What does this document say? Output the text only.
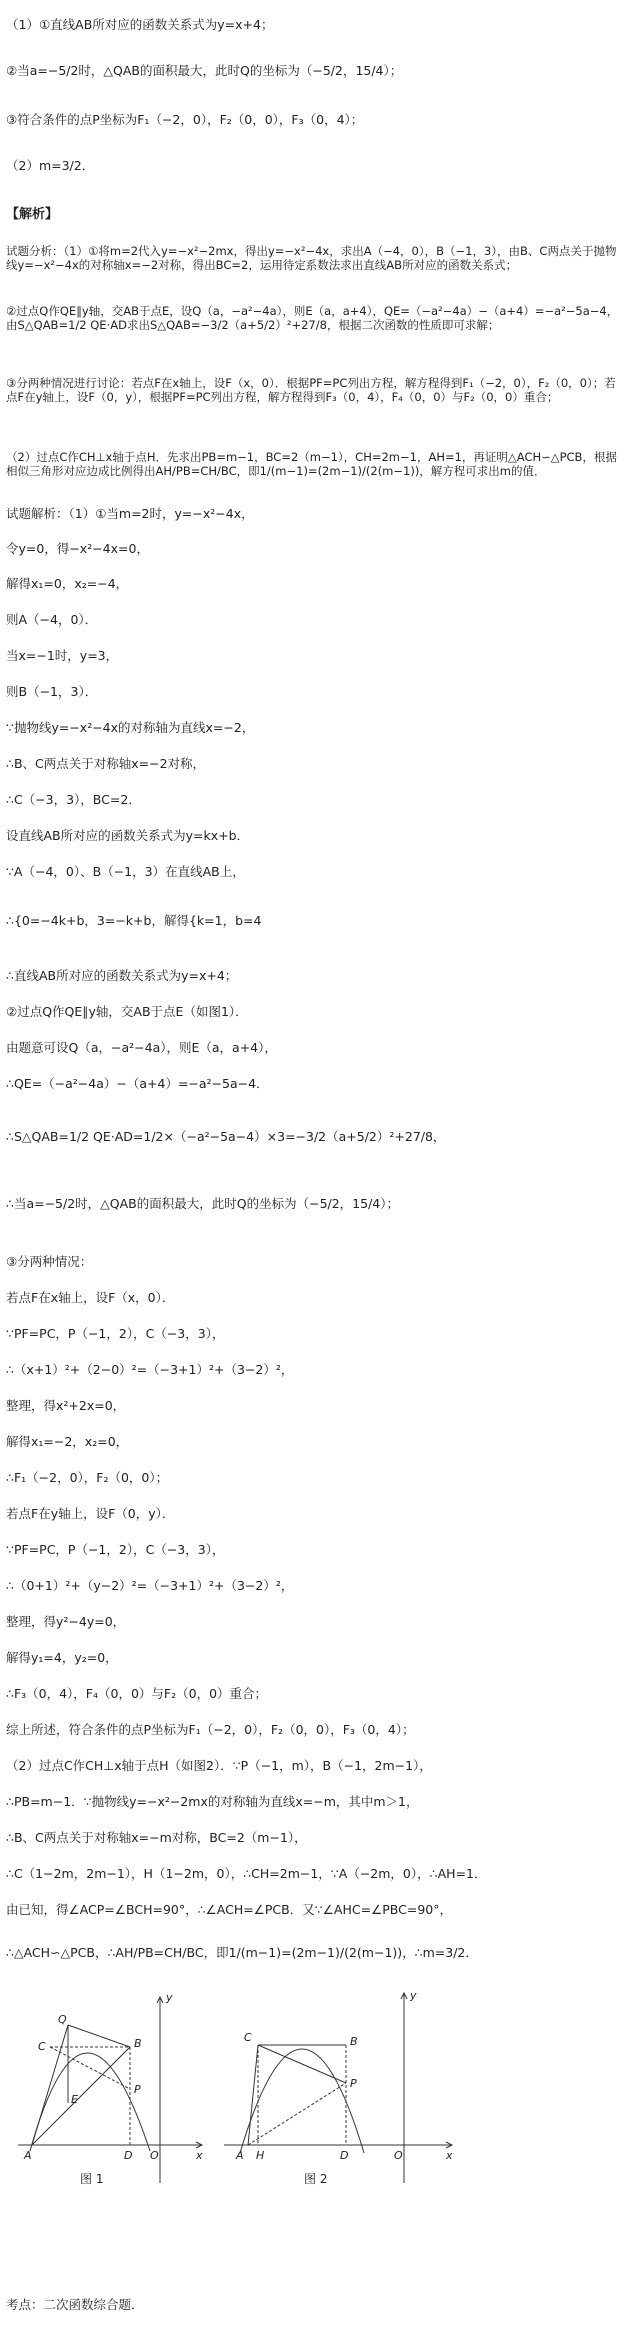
（1）①直线AB所对应的函数关系式为y=x+4；
②当a=−5/2时，△QAB的面积最大，此时Q的坐标为（−5/2，15/4）；
③符合条件的点P坐标为F₁（−2，0），F₂（0，0），F₃（0，4）；
（2）m=3/2．
【解析】
试题分析：（1）①将m=2代入y=−x²−2mx，得出y=−x²−4x，求出A（−4，0），B（−1，3），由B、C两点关于抛物线y=−x²−4x的对称轴x=−2对称，得出BC=2，运用待定系数法求出直线AB所对应的函数关系式；
②过点Q作QE∥y轴，交AB于点E，设Q（a，−a²−4a），则E（a，a+4），QE=（−a²−4a）−（a+4）=−a²−5a−4，由S△QAB=1/2 QE·AD求出S△QAB=−3/2（a+5/2）²+27/8，根据二次函数的性质即可求解；
③分两种情况进行讨论：若点F在x轴上，设F（x，0）．根据PF=PC列出方程，解方程得到F₁（−2，0），F₂（0，0）；若点F在y轴上，设F（0，y），根据PF=PC列出方程，解方程得到F₃（0，4），F₄（0，0）与F₂（0，0）重合；
（2）过点C作CH⊥x轴于点H．先求出PB=m−1，BC=2（m−1），CH=2m−1，AH=1，再证明△ACH∽△PCB，根据相似三角形对应边成比例得出AH/PB=CH/BC，即1/(m−1)=(2m−1)/(2(m−1))，解方程可求出m的值．
试题解析：（1）①当m=2时，y=−x²−4x，
令y=0，得−x²−4x=0，
解得x₁=0，x₂=−4，
则A（−4，0）．
当x=−1时，y=3，
则B（−1，3）．
∵抛物线y=−x²−4x的对称轴为直线x=−2，
∴B、C两点关于对称轴x=−2对称，
∴C（−3，3），BC=2．
设直线AB所对应的函数关系式为y=kx+b．
∵A（−4，0）、B（−1，3）在直线AB上，
∴{0=−4k+b，3=−k+b，解得{k=1，b=4
∴直线AB所对应的函数关系式为y=x+4；
②过点Q作QE∥y轴，交AB于点E（如图1）．
由题意可设Q（a，−a²−4a），则E（a，a+4），
∴QE=（−a²−4a）−（a+4）=−a²−5a−4．
∴S△QAB=1/2 QE·AD=1/2×（−a²−5a−4）×3=−3/2（a+5/2）²+27/8，
∴当a=−5/2时，△QAB的面积最大，此时Q的坐标为（−5/2，15/4）；
③分两种情况：
若点F在x轴上，设F（x，0）．
∵PF=PC，P（−1，2），C（−3，3），
∴（x+1）²+（2−0）²=（−3+1）²+（3−2）²，
整理，得x²+2x=0，
解得x₁=−2，x₂=0，
∴F₁（−2，0），F₂（0，0）；
若点F在y轴上，设F（0，y）．
∵PF=PC，P（−1，2），C（−3，3），
∴（0+1）²+（y−2）²=（−3+1）²+（3−2）²，
整理，得y²−4y=0，
解得y₁=4，y₂=0，
∴F₃（0，4），F₄（0，0）与F₂（0，0）重合；
综上所述，符合条件的点P坐标为F₁（−2，0），F₂（0，0），F₃（0，4）；
（2）过点C作CH⊥x轴于点H（如图2）．∵P（−1，m），B（−1，2m−1），
∴PB=m−1．∵抛物线y=−x²−2mx的对称轴为直线x=−m，其中m＞1，
∴B、C两点关于对称轴x=−m对称，BC=2（m−1），
∴C（1−2m，2m−1），H（1−2m，0），∴CH=2m−1，∵A（−2m，0），∴AH=1．
由已知，得∠ACP=∠BCH=90°，∴∠ACH=∠PCB．又∵∠AHC=∠PBC=90°，
∴△ACH∽△PCB，∴AH/PB=CH/BC，即1/(m−1)=(2m−1)/(2(m−1))，∴m=3/2．
Q
C	B
E
P
A	D O	x
y
图 1
C	B
P
A H	D	O	x
y
图 2
考点：二次函数综合题．
